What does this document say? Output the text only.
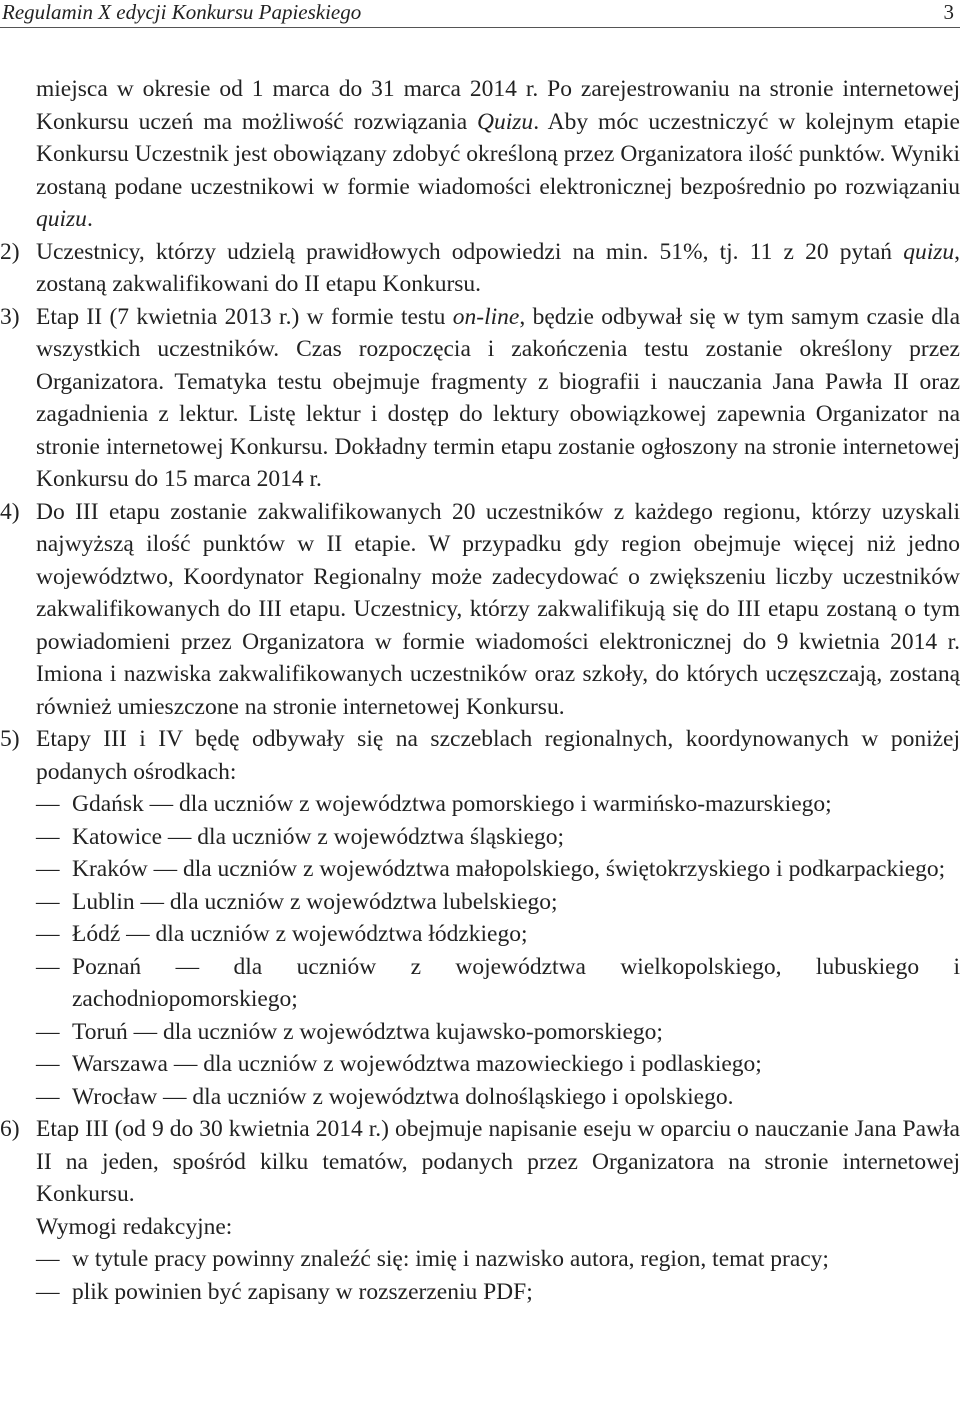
Regulamin X edycji Konkursu Papieskiego	3

miejsca w okresie od 1 marca do 31 marca 2014 r. Po zarejestrowaniu na stronie internetowej Konkursu uczeń ma możliwość rozwiązania Quizu. Aby móc uczestniczyć w kolejnym etapie Konkursu Uczestnik jest obowiązany zdobyć określoną przez Organizatora ilość punktów. Wyniki zostaną podane uczestnikowi w formie wiadomości elektronicznej bezpośrednio po rozwiązaniu quizu.

2) Uczestnicy, którzy udzielą prawidłowych odpowiedzi na min. 51%, tj. 11 z 20 pytań quizu, zostaną zakwalifikowani do II etapu Konkursu.
3) Etap II (7 kwietnia 2013 r.) w formie testu on-line, będzie odbywał się w tym samym czasie dla wszystkich uczestników. Czas rozpoczęcia i zakończenia testu zostanie określony przez Organizatora. Tematyka testu obejmuje fragmenty z biografii i nauczania Jana Pawła II oraz zagadnienia z lektur. Listę lektur i dostęp do lektury obowiązkowej zapewnia Organizator na stronie internetowej Konkursu. Dokładny termin etapu zostanie ogłoszony na stronie internetowej Konkursu do 15 marca 2014 r.
4) Do III etapu zostanie zakwalifikowanych 20 uczestników z każdego regionu, którzy uzyskali najwyższą ilość punktów w II etapie. W przypadku gdy region obejmuje więcej niż jedno województwo, Koordynator Regionalny może zadecydować o zwiększeniu liczby uczestników zakwalifikowanych do III etapu. Uczestnicy, którzy zakwalifikują się do III etapu zostaną o tym powiadomieni przez Organizatora w formie wiadomości elektronicznej do 9 kwietnia 2014 r. Imiona i nazwiska zakwalifikowanych uczestników oraz szkoły, do których uczęszczają, zostaną również umieszczone na stronie internetowej Konkursu.
5) Etapy III i IV będę odbywały się na szczeblach regionalnych, koordynowanych w poniżej podanych ośrodkach:
— Gdańsk — dla uczniów z województwa pomorskiego i warmińsko-mazurskiego;
— Katowice — dla uczniów z województwa śląskiego;
— Kraków — dla uczniów z województwa małopolskiego, świętokrzyskiego i podkarpackiego;
— Lublin — dla uczniów z województwa lubelskiego;
— Łódź — dla uczniów z województwa łódzkiego;
— Poznań — dla uczniów z województwa wielkopolskiego, lubuskiego i zachodniopomorskiego;
— Toruń — dla uczniów z województwa kujawsko-pomorskiego;
— Warszawa — dla uczniów z województwa mazowieckiego i podlaskiego;
— Wrocław — dla uczniów z województwa dolnośląskiego i opolskiego.
6) Etap III (od 9 do 30 kwietnia 2014 r.) obejmuje napisanie eseju w oparciu o nauczanie Jana Pawła II na jeden, spośród kilku tematów, podanych przez Organizatora na stronie internetowej Konkursu.

Wymogi redakcyjne:

— w tytule pracy powinny znaleźć się: imię i nazwisko autora, region, temat pracy;
— plik powinien być zapisany w rozszerzeniu PDF;
